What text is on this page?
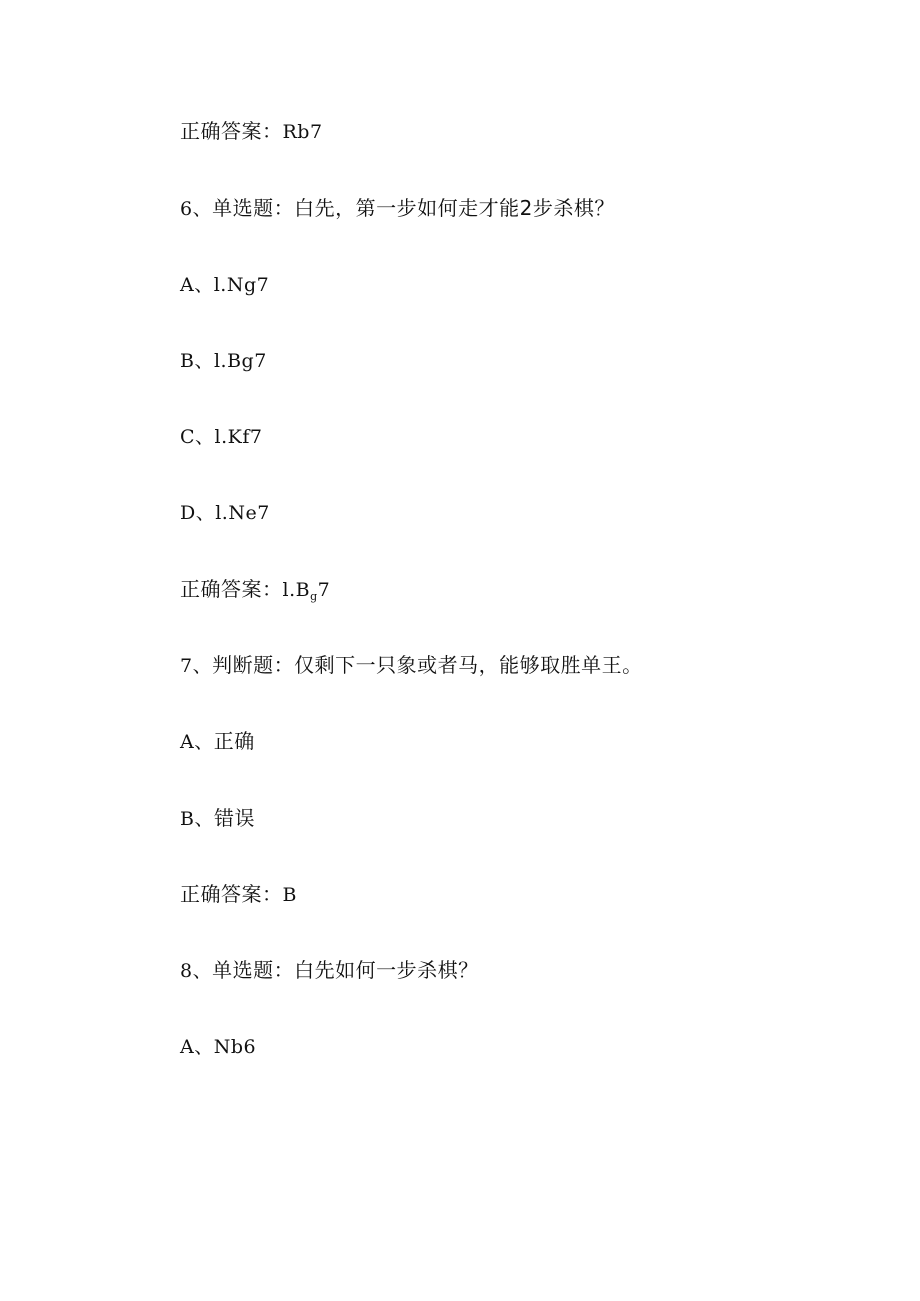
正确答案：Rb7
6、单选题：白先，第一步如何走才能2步杀棋？
A、l.Ng7
B、l.Bg7
C、l.Kf7
D、l.Ne7
正确答案：$l.B_g7$
7、判断题：仅剩下一只象或者马，能够取胜单王。
A、正确
B、错误
正确答案：B
8、单选题：白先如何一步杀棋？
A、Nb6
